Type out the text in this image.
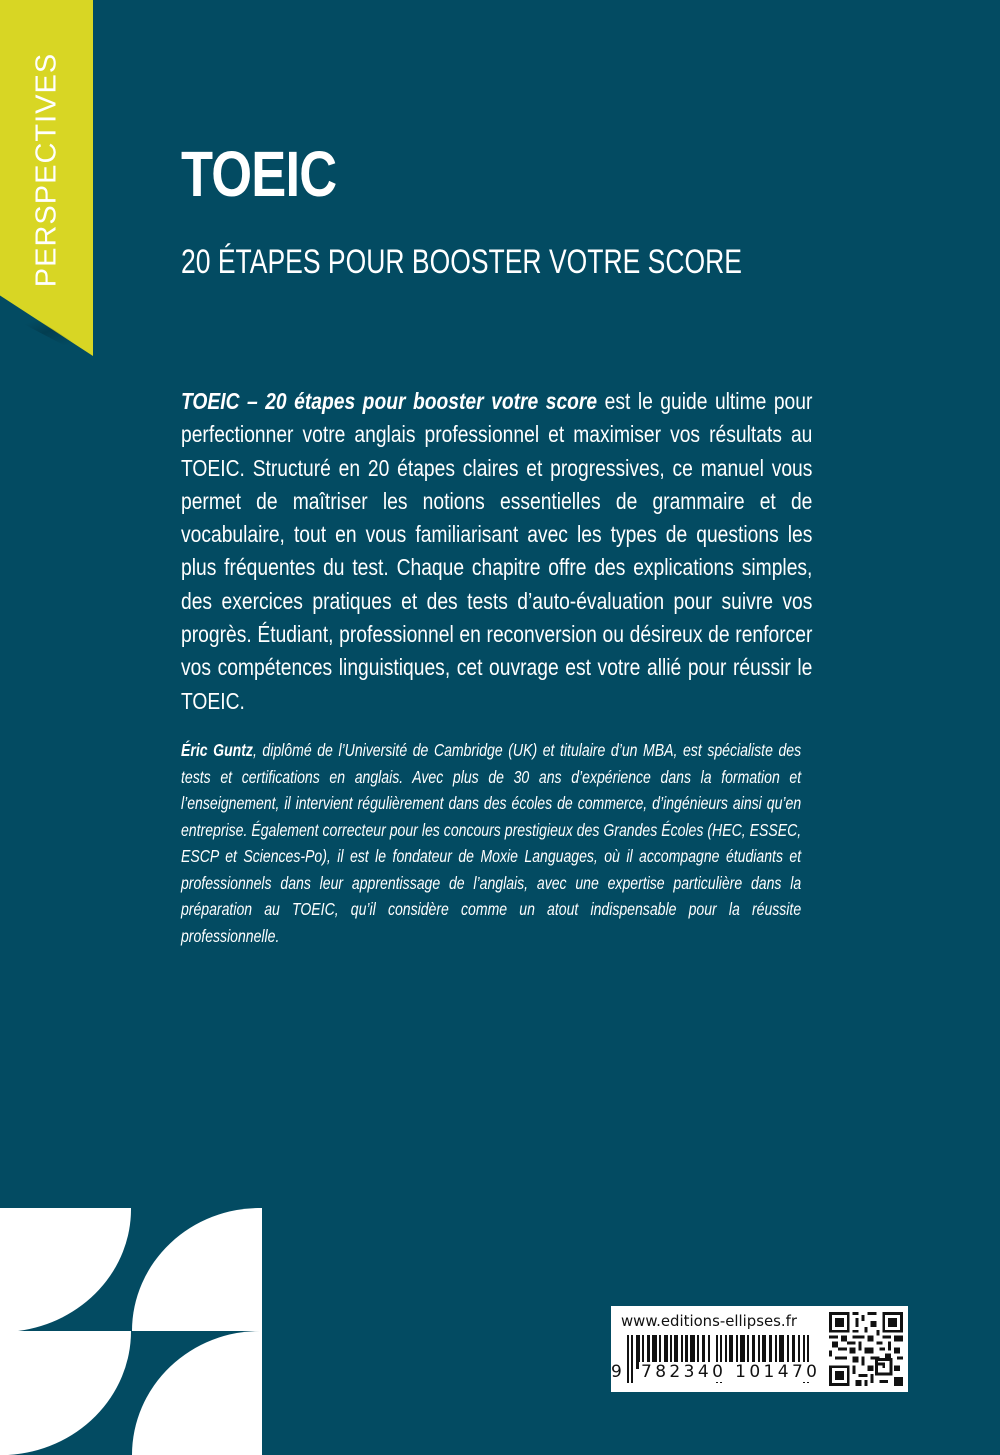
PERSPECTIVES TOEIC
20 ÉTAPES POUR BOOSTER VOTRE SCORE
TOEIC – 20 étapes pour booster votre score est le guide ultime pour perfectionner votre anglais professionnel et maximiser vos résultats au TOEIC. Structuré en 20 étapes claires et progressives, ce manuel vous permet de maîtriser les notions essentielles de grammaire et de vocabulaire, tout en vous familiarisant avec les types de questions les plus fréquentes du test. Chaque chapitre offre des explications simples, des exercices pratiques et des tests d’auto-évaluation pour suivre vos progrès. Étudiant, professionnel en reconversion ou désireux de renforcer vos compétences linguistiques, cet ouvrage est votre allié pour réussir le TOEIC.
Éric Guntz, diplômé de l’Université de Cambridge (UK) et titulaire d’un MBA, est spécialiste des tests et certifications en anglais. Avec plus de 30 ans d’expérience dans la formation et l’enseignement, il intervient régulièrement dans des écoles de commerce, d’ingénieurs ainsi qu’en entreprise. Également correcteur pour les concours prestigieux des Grandes Écoles (HEC, ESSEC, ESCP et Sciences-Po), il est le fondateur de Moxie Languages, où il accompagne étudiants et professionnels dans leur apprentissage de l’anglais, avec une expertise particulière dans la préparation au TOEIC, qu’il considère comme un atout indispensable pour la réussite professionnelle.
www.editions-ellipses.fr
9 782340 101470
